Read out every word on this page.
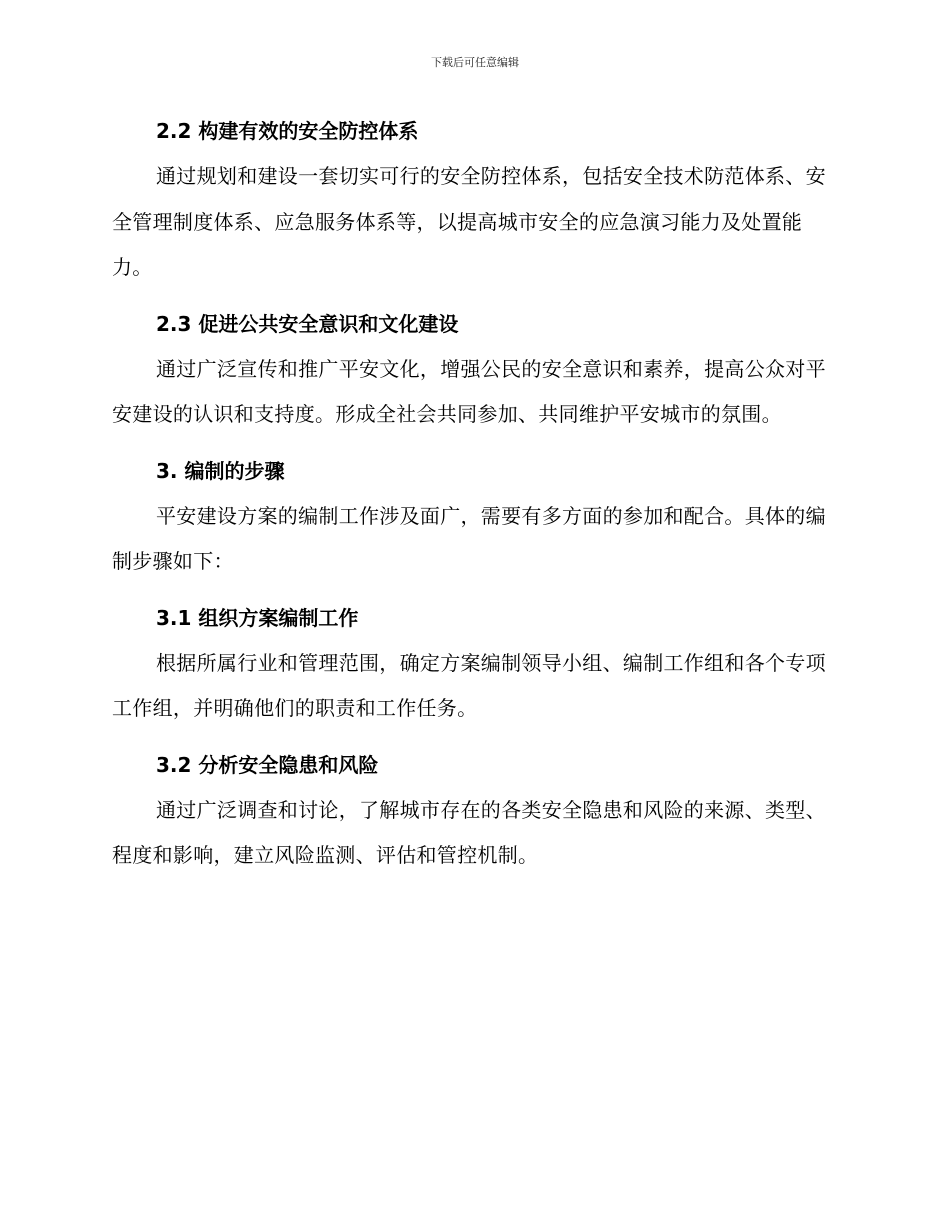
下载后可任意编辑
2.2 构建有效的安全防控体系

通过规划和建设一套切实可行的安全防控体系，包括安全技术防范体系、安全管理制度体系、应急服务体系等，以提高城市安全的应急演习能力及处置能力。

2.3 促进公共安全意识和文化建设

通过广泛宣传和推广平安文化，增强公民的安全意识和素养，提高公众对平安建设的认识和支持度。形成全社会共同参加、共同维护平安城市的氛围。

3. 编制的步骤

平安建设方案的编制工作涉及面广，需要有多方面的参加和配合。具体的编制步骤如下：

3.1 组织方案编制工作

根据所属行业和管理范围，确定方案编制领导小组、编制工作组和各个专项工作组，并明确他们的职责和工作任务。

3.2 分析安全隐患和风险

通过广泛调查和讨论，了解城市存在的各类安全隐患和风险的来源、类型、程度和影响，建立风险监测、评估和管控机制。
